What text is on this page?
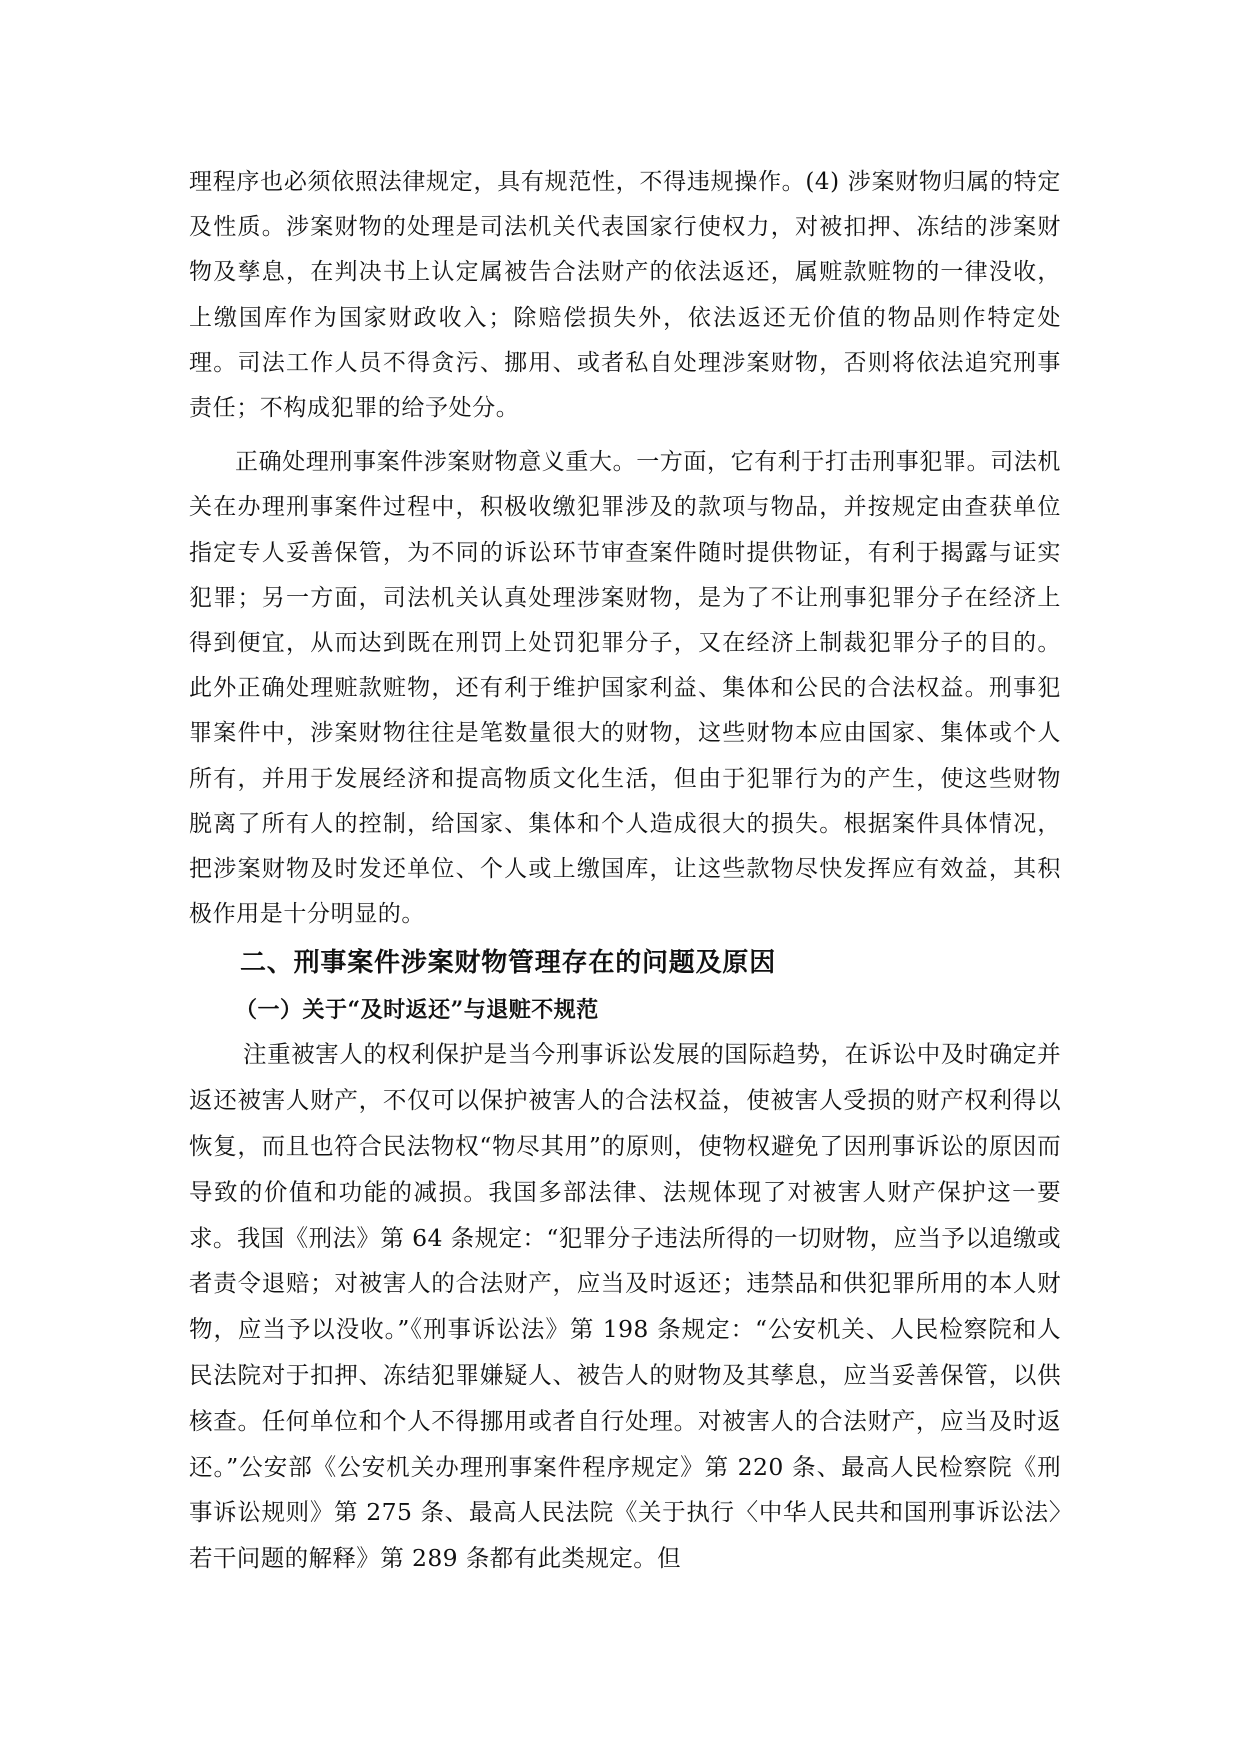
理程序也必须依照法律规定，具有规范性，不得违规操作。(4) 涉案财物归属的特定及性质。涉案财物的处理是司法机关代表国家行使权力，对被扣押、冻结的涉案财物及孳息，在判决书上认定属被告合法财产的依法返还，属赃款赃物的一律没收，上缴国库作为国家财政收入；除赔偿损失外，依法返还无价值的物品则作特定处理。司法工作人员不得贪污、挪用、或者私自处理涉案财物，否则将依法追究刑事责任；不构成犯罪的给予处分。

正确处理刑事案件涉案财物意义重大。一方面，它有利于打击刑事犯罪。司法机关在办理刑事案件过程中，积极收缴犯罪涉及的款项与物品，并按规定由查获单位指定专人妥善保管，为不同的诉讼环节审查案件随时提供物证，有利于揭露与证实犯罪；另一方面，司法机关认真处理涉案财物，是为了不让刑事犯罪分子在经济上得到便宜，从而达到既在刑罚上处罚犯罪分子，又在经济上制裁犯罪分子的目的。此外正确处理赃款赃物，还有利于维护国家利益、集体和公民的合法权益。刑事犯罪案件中，涉案财物往往是笔数量很大的财物，这些财物本应由国家、集体或个人所有，并用于发展经济和提高物质文化生活，但由于犯罪行为的产生，使这些财物脱离了所有人的控制，给国家、集体和个人造成很大的损失。根据案件具体情况，把涉案财物及时发还单位、个人或上缴国库，让这些款物尽快发挥应有效益，其积极作用是十分明显的。

二、刑事案件涉案财物管理存在的问题及原因
（一）关于“及时返还”与退赃不规范

注重被害人的权利保护是当今刑事诉讼发展的国际趋势，在诉讼中及时确定并返还被害人财产，不仅可以保护被害人的合法权益，使被害人受损的财产权利得以恢复，而且也符合民法物权“物尽其用”的原则，使物权避免了因刑事诉讼的原因而导致的价值和功能的减损。我国多部法律、法规体现了对被害人财产保护这一要求。我国《刑法》第 64 条规定：“犯罪分子违法所得的一切财物，应当予以追缴或者责令退赔；对被害人的合法财产，应当及时返还；违禁品和供犯罪所用的本人财物，应当予以没收。”《刑事诉讼法》第 198 条规定：“公安机关、人民检察院和人民法院对于扣押、冻结犯罪嫌疑人、被告人的财物及其孳息，应当妥善保管，以供核查。任何单位和个人不得挪用或者自行处理。对被害人的合法财产，应当及时返还。”公安部《公安机关办理刑事案件程序规定》第 220 条、最高人民检察院《刑事诉讼规则》第 275 条、最高人民法院《关于执行〈中华人民共和国刑事诉讼法〉若干问题的解释》第 289 条都有此类规定。但
